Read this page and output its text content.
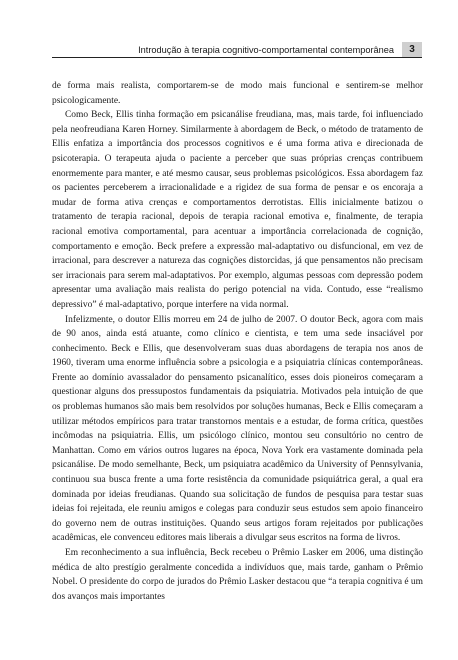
Introdução à terapia cognitivo-comportamental contemporânea	3

de forma mais realista, comportarem-se de modo mais funcional e sentirem-se melhor psicologicamente.

Como Beck, Ellis tinha formação em psicanálise freudiana, mas, mais tarde, foi influenciado pela neofreudiana Karen Horney. Similarmente à abordagem de Beck, o método de tratamento de Ellis enfatiza a importância dos processos cognitivos e é uma forma ativa e direcionada de psicoterapia. O terapeuta ajuda o paciente a perceber que suas próprias crenças contribuem enormemente para manter, e até mesmo causar, seus problemas psicológicos. Essa abordagem faz os pacientes perceberem a irracionalidade e a rigidez de sua forma de pensar e os encoraja a mudar de forma ativa crenças e comportamentos derrotistas. Ellis inicialmente batizou o tratamento de terapia racional, depois de terapia racional emotiva e, finalmente, de terapia racional emotiva comportamental, para acentuar a importância correlacionada de cognição, comportamento e emoção. Beck prefere a expressão mal-adaptativo ou disfuncional, em vez de irracional, para descrever a natureza das cognições distorcidas, já que pensamentos não precisam ser irracionais para serem mal-adaptativos. Por exemplo, algumas pessoas com depressão podem apresentar uma avaliação mais realista do perigo potencial na vida. Contudo, esse “realismo depressivo” é mal-adaptativo, porque interfere na vida normal.

Infelizmente, o doutor Ellis morreu em 24 de julho de 2007. O doutor Beck, agora com mais de 90 anos, ainda está atuante, como clínico e cientista, e tem uma sede insaciável por conhecimento. Beck e Ellis, que desenvolveram suas duas abordagens de terapia nos anos de 1960, tiveram uma enorme influência sobre a psicologia e a psiquiatria clínicas contemporâneas. Frente ao domínio avassalador do pensamento psicanalítico, esses dois pioneiros começaram a questionar alguns dos pressupostos fundamentais da psiquiatria. Motivados pela intuição de que os problemas humanos são mais bem resolvidos por soluções humanas, Beck e Ellis começaram a utilizar métodos empíricos para tratar transtornos mentais e a estudar, de forma crítica, questões incômodas na psiquiatria. Ellis, um psicólogo clínico, montou seu consultório no centro de Manhattan. Como em vários outros lugares na época, Nova York era vastamente dominada pela psicanálise. De modo semelhante, Beck, um psiquiatra acadêmico da University of Pennsylvania, continuou sua busca frente a uma forte resistência da comunidade psiquiátrica geral, a qual era dominada por ideias freudianas. Quando sua solicitação de fundos de pesquisa para testar suas ideias foi rejeitada, ele reuniu amigos e colegas para conduzir seus estudos sem apoio financeiro do governo nem de outras instituições. Quando seus artigos foram rejeitados por publicações acadêmicas, ele convenceu editores mais liberais a divulgar seus escritos na forma de livros.

Em reconhecimento a sua influência, Beck recebeu o Prêmio Lasker em 2006, uma distinção médica de alto prestígio geralmente concedida a indivíduos que, mais tarde, ganham o Prêmio Nobel. O presidente do corpo de jurados do Prêmio Lasker destacou que “a terapia cognitiva é um dos avanços mais importantes
